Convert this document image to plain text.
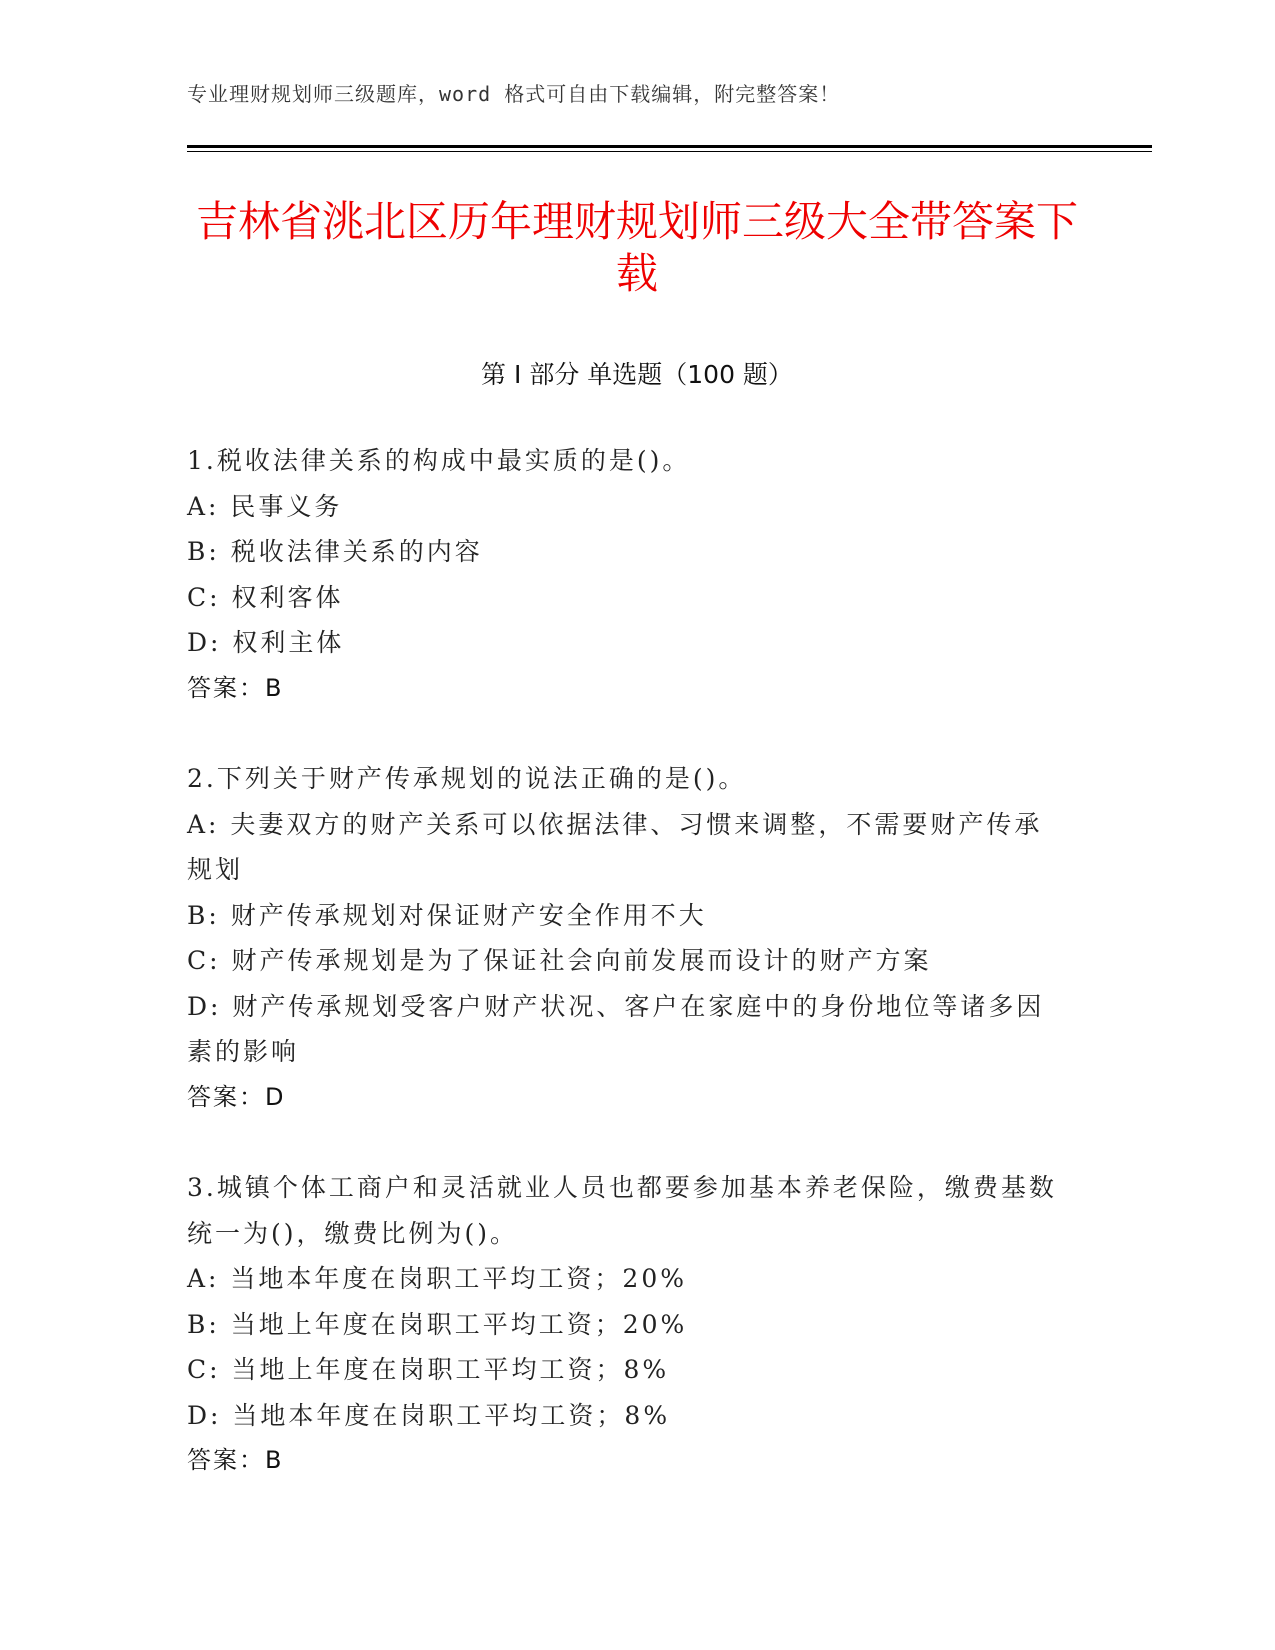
专业理财规划师三级题库，word 格式可自由下载编辑，附完整答案！
吉林省洮北区历年理财规划师三级大全带答案下载
第 I 部分 单选题（100 题）
1.税收法律关系的构成中最实质的是()。
A: 民事义务
B: 税收法律关系的内容
C: 权利客体
D: 权利主体
答案：B
2.下列关于财产传承规划的说法正确的是()。
A: 夫妻双方的财产关系可以依据法律、习惯来调整，不需要财产传承规划
B: 财产传承规划对保证财产安全作用不大
C: 财产传承规划是为了保证社会向前发展而设计的财产方案
D: 财产传承规划受客户财产状况、客户在家庭中的身份地位等诸多因素的影响
答案：D
3.城镇个体工商户和灵活就业人员也都要参加基本养老保险，缴费基数统一为()，缴费比例为()。
A: 当地本年度在岗职工平均工资；20%
B: 当地上年度在岗职工平均工资；20%
C: 当地上年度在岗职工平均工资；8%
D: 当地本年度在岗职工平均工资；8%
答案：B
